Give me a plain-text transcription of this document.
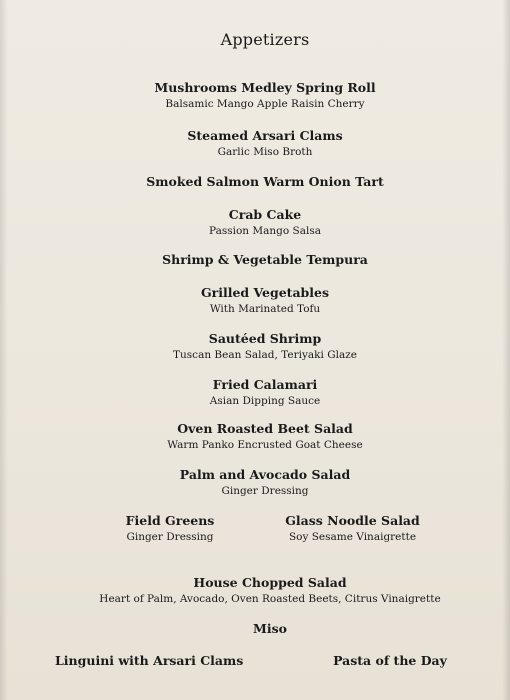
Appetizers
Mushrooms Medley Spring Roll
Balsamic Mango Apple Raisin Cherry
Steamed Arsari Clams
Garlic Miso Broth
Smoked Salmon Warm Onion Tart
Crab Cake
Passion Mango Salsa
Shrimp & Vegetable Tempura
Grilled Vegetables
With Marinated Tofu
Sautéed Shrimp
Tuscan Bean Salad, Teriyaki Glaze
Fried Calamari
Asian Dipping Sauce
Oven Roasted Beet Salad
Warm Panko Encrusted Goat Cheese
Palm and Avocado Salad
Ginger Dressing
Field Greens
Ginger Dressing
Glass Noodle Salad
Soy Sesame Vinaigrette
House Chopped Salad
Heart of Palm, Avocado, Oven Roasted Beets, Citrus Vinaigrette
Miso
Linguini with Arsari Clams	Pasta of the Day
